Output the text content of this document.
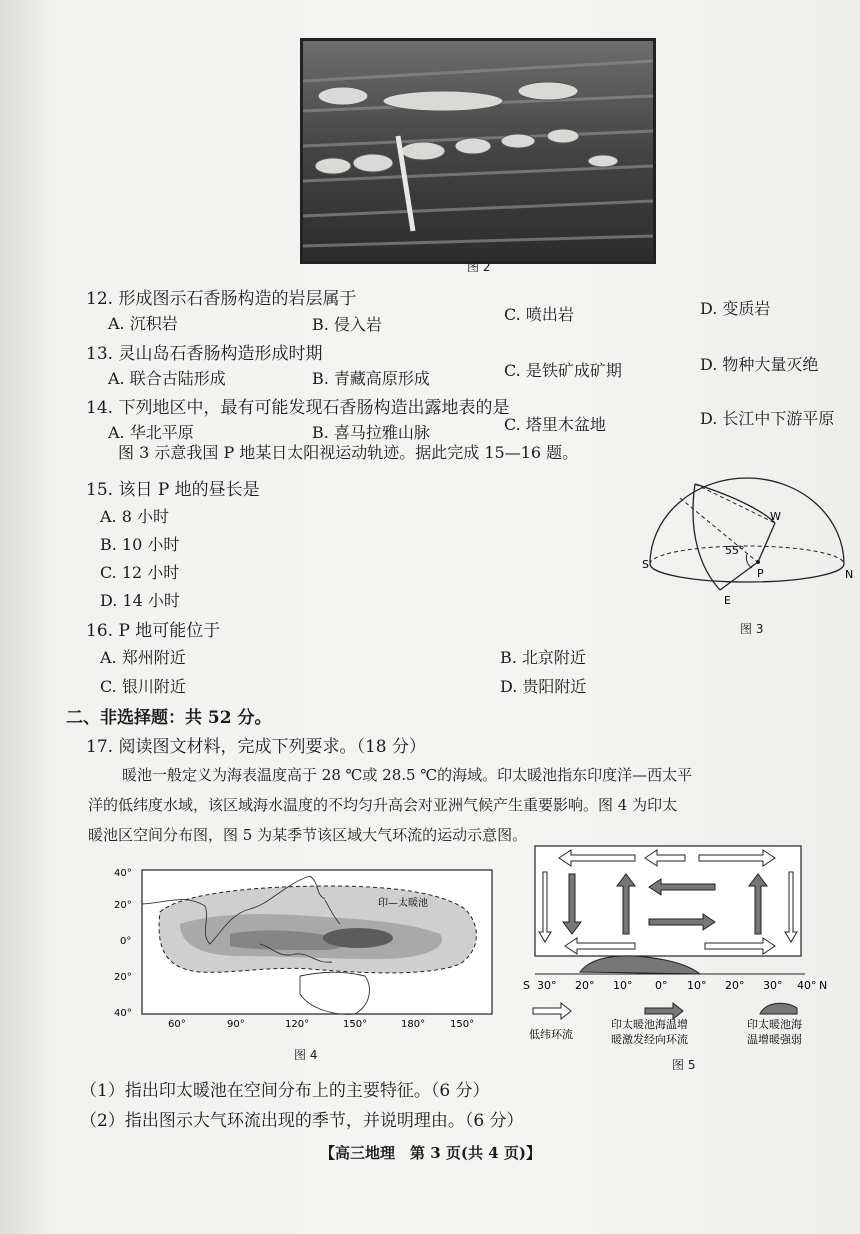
图 2
12. 形成图示石香肠构造的岩层属于
A. 沉积岩	B. 侵入岩
C. 喷出岩	D. 变质岩
13. 灵山岛石香肠构造形成时期
A. 联合古陆形成	B. 青藏高原形成	C. 是铁矿成矿期	D. 物种大量灭绝
14. 下列地区中，最有可能发现石香肠构造出露地表的是
A. 华北平原	B. 喜马拉雅山脉	C. 塔里木盆地	D. 长江中下游平原
图 3 示意我国 P 地某日太阳视运动轨迹。据此完成 15—16 题。
15. 该日 P 地的昼长是
A. 8 小时
B. 10 小时
C. 12 小时
D. 14 小时
16. P 地可能位于
A. 郑州附近	B. 北京附近
C. 银川附近	D. 贵阳附近
W
S
N
E
P
55°
图 3
二、非选择题：共 52 分。
17. 阅读图文材料，完成下列要求。（18 分）
暖池一般定义为海表温度高于 28 ℃或 28.5 ℃的海域。印太暖池指东印度洋—西太平
洋的低纬度水域，该区域海水温度的不均匀升高会对亚洲气候产生重要影响。图 4 为印太
暖池区空间分布图，图 5 为某季节该区域大气环流的运动示意图。
40°
20°
0°
20°
40°
60°	90°	120°	150°	180° 150°
印—太暖池
图 4
S 30° 20° 10° 0° 10° 20° 30° 40° N
低纬环流
印太暖池海温增
暖激发经向环流
印太暖池海
温增暖强弱
图 5
（1）指出印太暖池在空间分布上的主要特征。（6 分）
（2）指出图示大气环流出现的季节，并说明理由。（6 分）
【高三地理　第 3 页(共 4 页)】
